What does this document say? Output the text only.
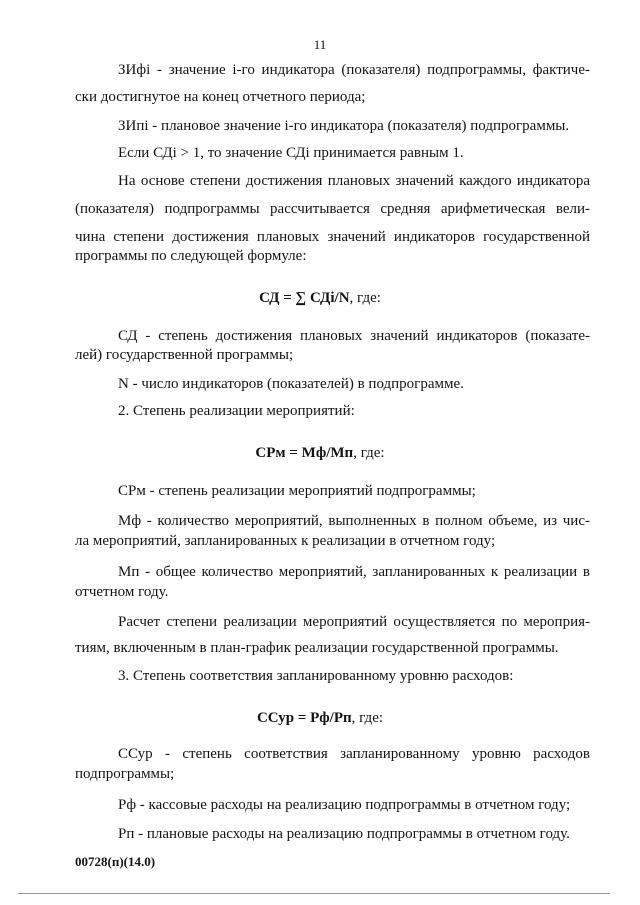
11
ЗИфi - значение i-го индикатора (показателя) подпрограммы, фактиче-
ски достигнутое на конец отчетного периода;
ЗИпi - плановое значение i-го индикатора (показателя) подпрограммы.
Если СДi > 1, то значение СДi принимается равным 1.
На основе степени достижения плановых значений каждого индикатора
(показателя) подпрограммы рассчитывается средняя арифметическая вели-
чина степени достижения плановых значений индикаторов государственной
программы по следующей формуле:
СД = ∑ СДi/N, где:
СД - степень достижения плановых значений индикаторов (показате-
лей) государственной программы;
N - число индикаторов (показателей) в подпрограмме.
2. Степень реализации мероприятий:
СРм = Мф/Мп, где:
СРм - степень реализации мероприятий подпрограммы;
Мф - количество мероприятий, выполненных в полном объеме, из чис-
ла мероприятий, запланированных к реализации в отчетном году;
Мп - общее количество мероприятий, запланированных к реализации в
отчетном году.
Расчет степени реализации мероприятий осуществляется по мероприя-
тиям, включенным в план-график реализации государственной программы.
3. Степень соответствия запланированному уровню расходов:
ССур = Рф/Рп, где:
ССур - степень соответствия запланированному уровню расходов
подпрограммы;
Рф - кассовые расходы на реализацию подпрограммы в отчетном году;
Рп - плановые расходы на реализацию подпрограммы в отчетном году.
00728(п)(14.0)
